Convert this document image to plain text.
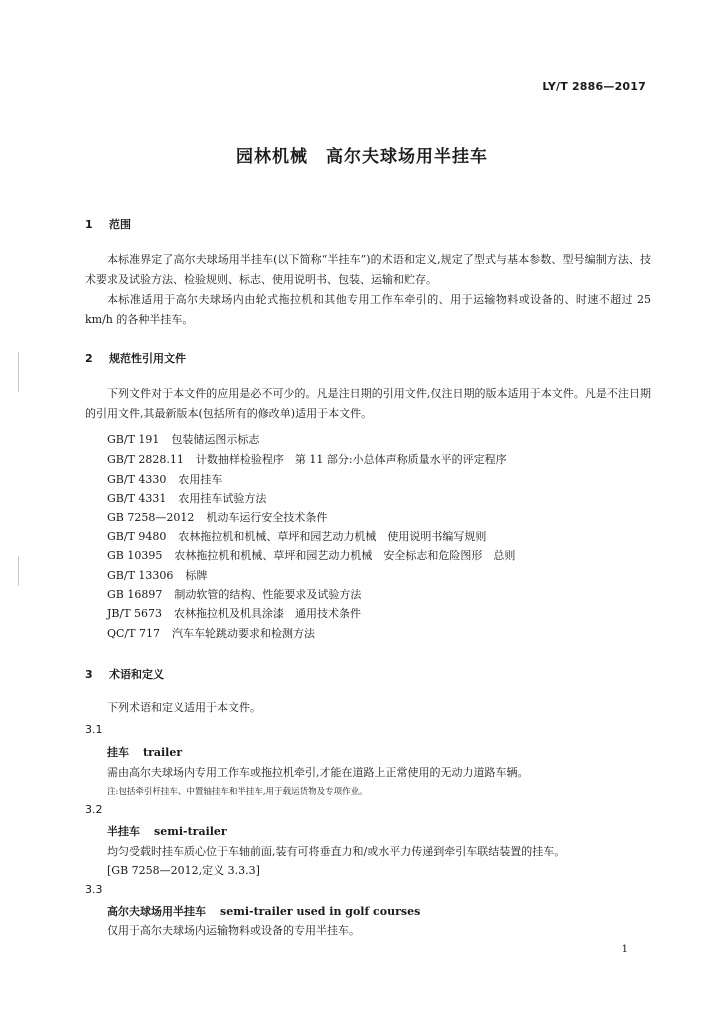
LY/T 2886—2017
园林机械　高尔夫球场用半挂车
1 范围
本标准界定了高尔夫球场用半挂车(以下简称“半挂车”)的术语和定义,规定了型式与基本参数、型号编制方法、技术要求及试验方法、检验规则、标志、使用说明书、包装、运输和贮存。
本标准适用于高尔夫球场内由轮式拖拉机和其他专用工作车牵引的、用于运输物料或设备的、时速不超过 25 km/h 的各种半挂车。
2 规范性引用文件
下列文件对于本文件的应用是必不可少的。凡是注日期的引用文件,仅注日期的版本适用于本文件。凡是不注日期的引用文件,其最新版本(包括所有的修改单)适用于本文件。
GB/T 191 包装储运图示标志
GB/T 2828.11 计数抽样检验程序　第 11 部分:小总体声称质量水平的评定程序
GB/T 4330 农用挂车
GB/T 4331 农用挂车试验方法
GB 7258—2012 机动车运行安全技术条件
GB/T 9480 农林拖拉机和机械、草坪和园艺动力机械　使用说明书编写规则
GB 10395 农林拖拉机和机械、草坪和园艺动力机械　安全标志和危险图形　总则
GB/T 13306 标牌
GB 16897 制动软管的结构、性能要求及试验方法
JB/T 5673 农林拖拉机及机具涂漆　通用技术条件
QC/T 717 汽车车轮跳动要求和检测方法
3 术语和定义
下列术语和定义适用于本文件。
3.1
挂车 trailer
需由高尔夫球场内专用工作车或拖拉机牵引,才能在道路上正常使用的无动力道路车辆。
注:包括牵引杆挂车、中置轴挂车和半挂车,用于载运货物及专项作业。
3.2
半挂车 semi-trailer
均匀受载时挂车质心位于车轴前面,装有可将垂直力和/或水平力传递到牵引车联结装置的挂车。
[GB 7258—2012,定义 3.3.3]
3.3
高尔夫球场用半挂车 semi-trailer used in golf courses
仅用于高尔夫球场内运输物料或设备的专用半挂车。
1
